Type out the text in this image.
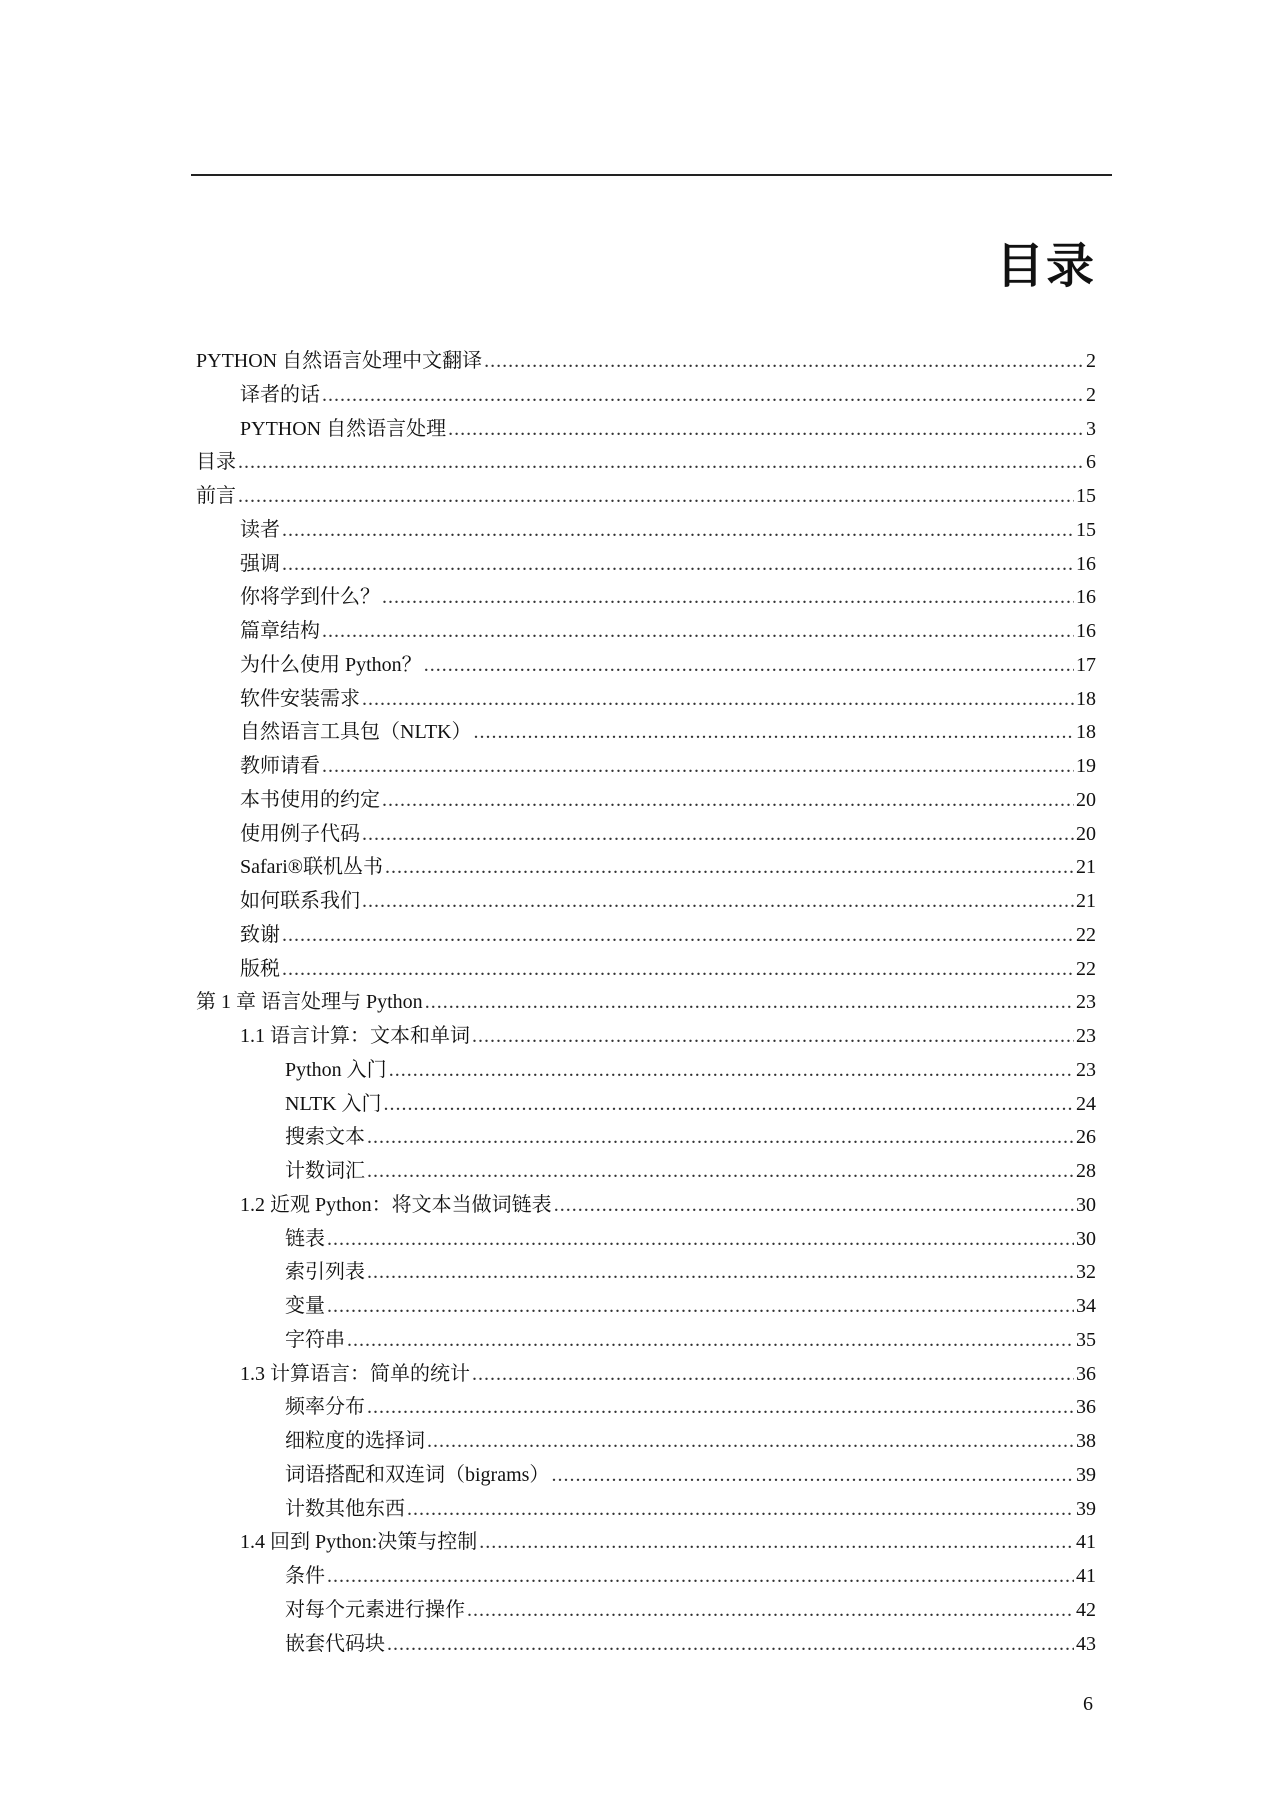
目录
PYTHON 自然语言处理中文翻译 .....	2
译者的话 .....	2
PYTHON 自然语言处理 .....	3
目录 .....	6
前言 .....	15
读者 .....	15
强调 .....	16
你将学到什么？ .....	16
篇章结构 .....	16
为什么使用 Python？ .....	17
软件安装需求 .....	18
自然语言工具包（NLTK） .....	18
教师请看 .....	19
本书使用的约定 .....	20
使用例子代码 .....	20
Safari®联机丛书 .....	21
如何联系我们 .....	21
致谢 .....	22
版税 .....	22
第 1 章 语言处理与 Python .....	23
1.1 语言计算：文本和单词 .....	23
Python 入门 .....	23
NLTK 入门 .....	24
搜索文本 .....	26
计数词汇 .....	28
1.2 近观 Python：将文本当做词链表 .....	30
链表 .....	30
索引列表 .....	32
变量 .....	34
字符串 .....	35
1.3 计算语言：简单的统计 .....	36
频率分布 .....	36
细粒度的选择词 .....	38
词语搭配和双连词（bigrams） .....	39
计数其他东西 .....	39
1.4 回到 Python:决策与控制 .....	41
条件 .....	41
对每个元素进行操作 .....	42
嵌套代码块 .....	43
6
